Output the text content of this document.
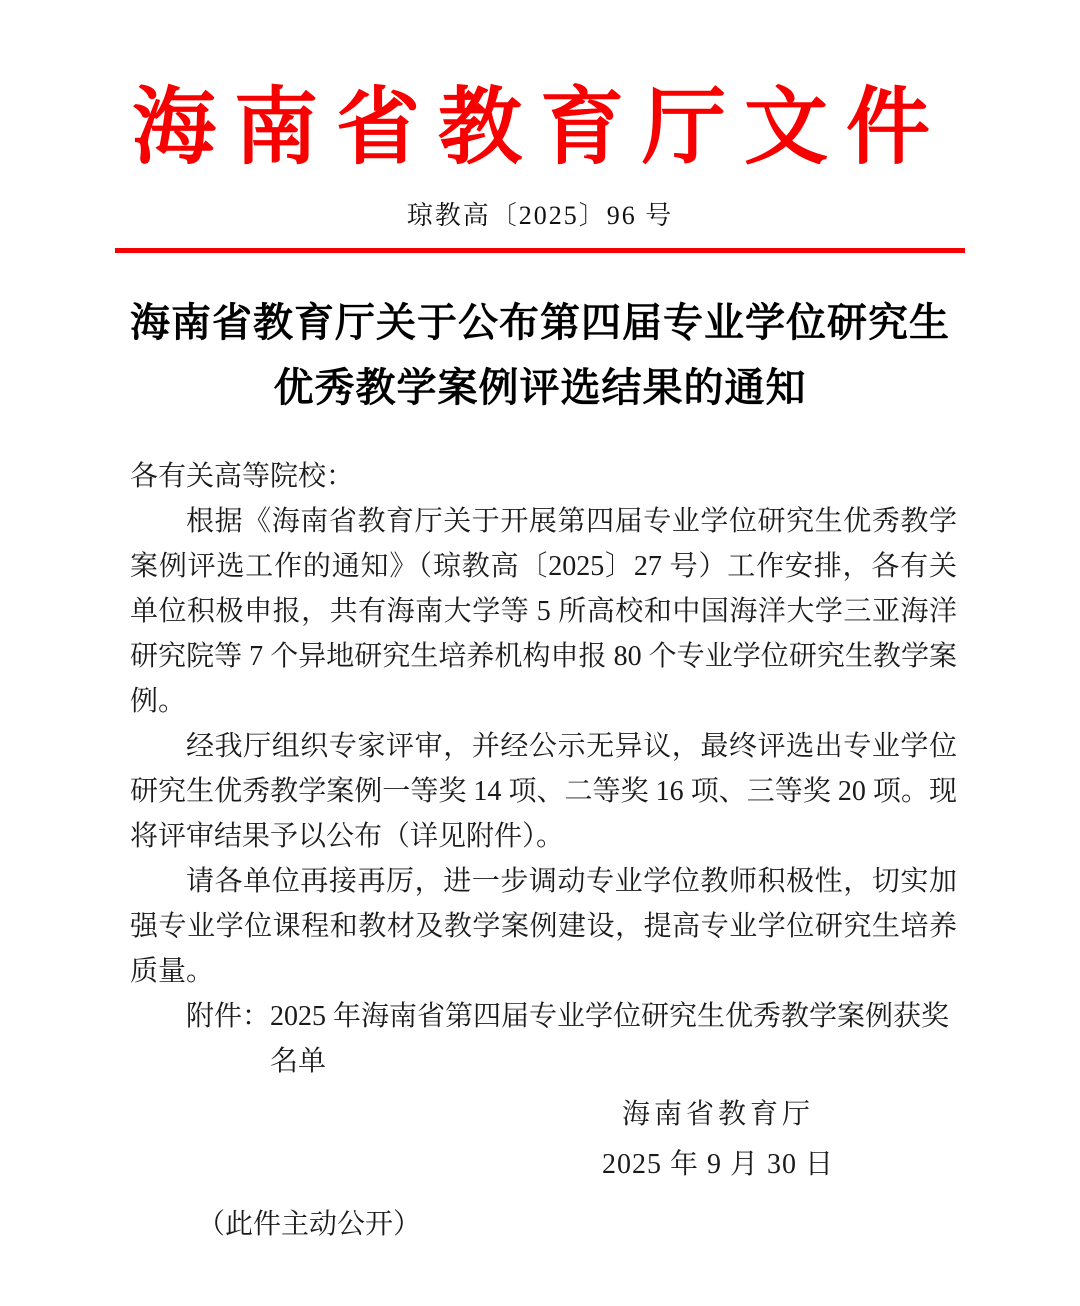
海南省教育厅文件
琼教高〔2025〕96 号
海南省教育厅关于公布第四届专业学位研究生
优秀教学案例评选结果的通知

各有关高等院校：

根据《海南省教育厅关于开展第四届专业学位研究生优秀教学案例评选工作的通知》（琼教高〔2025〕27 号）工作安排，各有关单位积极申报，共有海南大学等 5 所高校和中国海洋大学三亚海洋研究院等 7 个异地研究生培养机构申报 80 个专业学位研究生教学案例。

经我厅组织专家评审，并经公示无异议，最终评选出专业学位研究生优秀教学案例一等奖 14 项、二等奖 16 项、三等奖 20 项。现将评审结果予以公布（详见附件）。

请各单位再接再厉，进一步调动专业学位教师积极性，切实加强专业学位课程和教材及教学案例建设，提高专业学位研究生培养质量。

附件： 2025 年海南省第四届专业学位研究生优秀教学案例获奖名单
海南省教育厅
2025 年 9 月 30 日

（此件主动公开）
